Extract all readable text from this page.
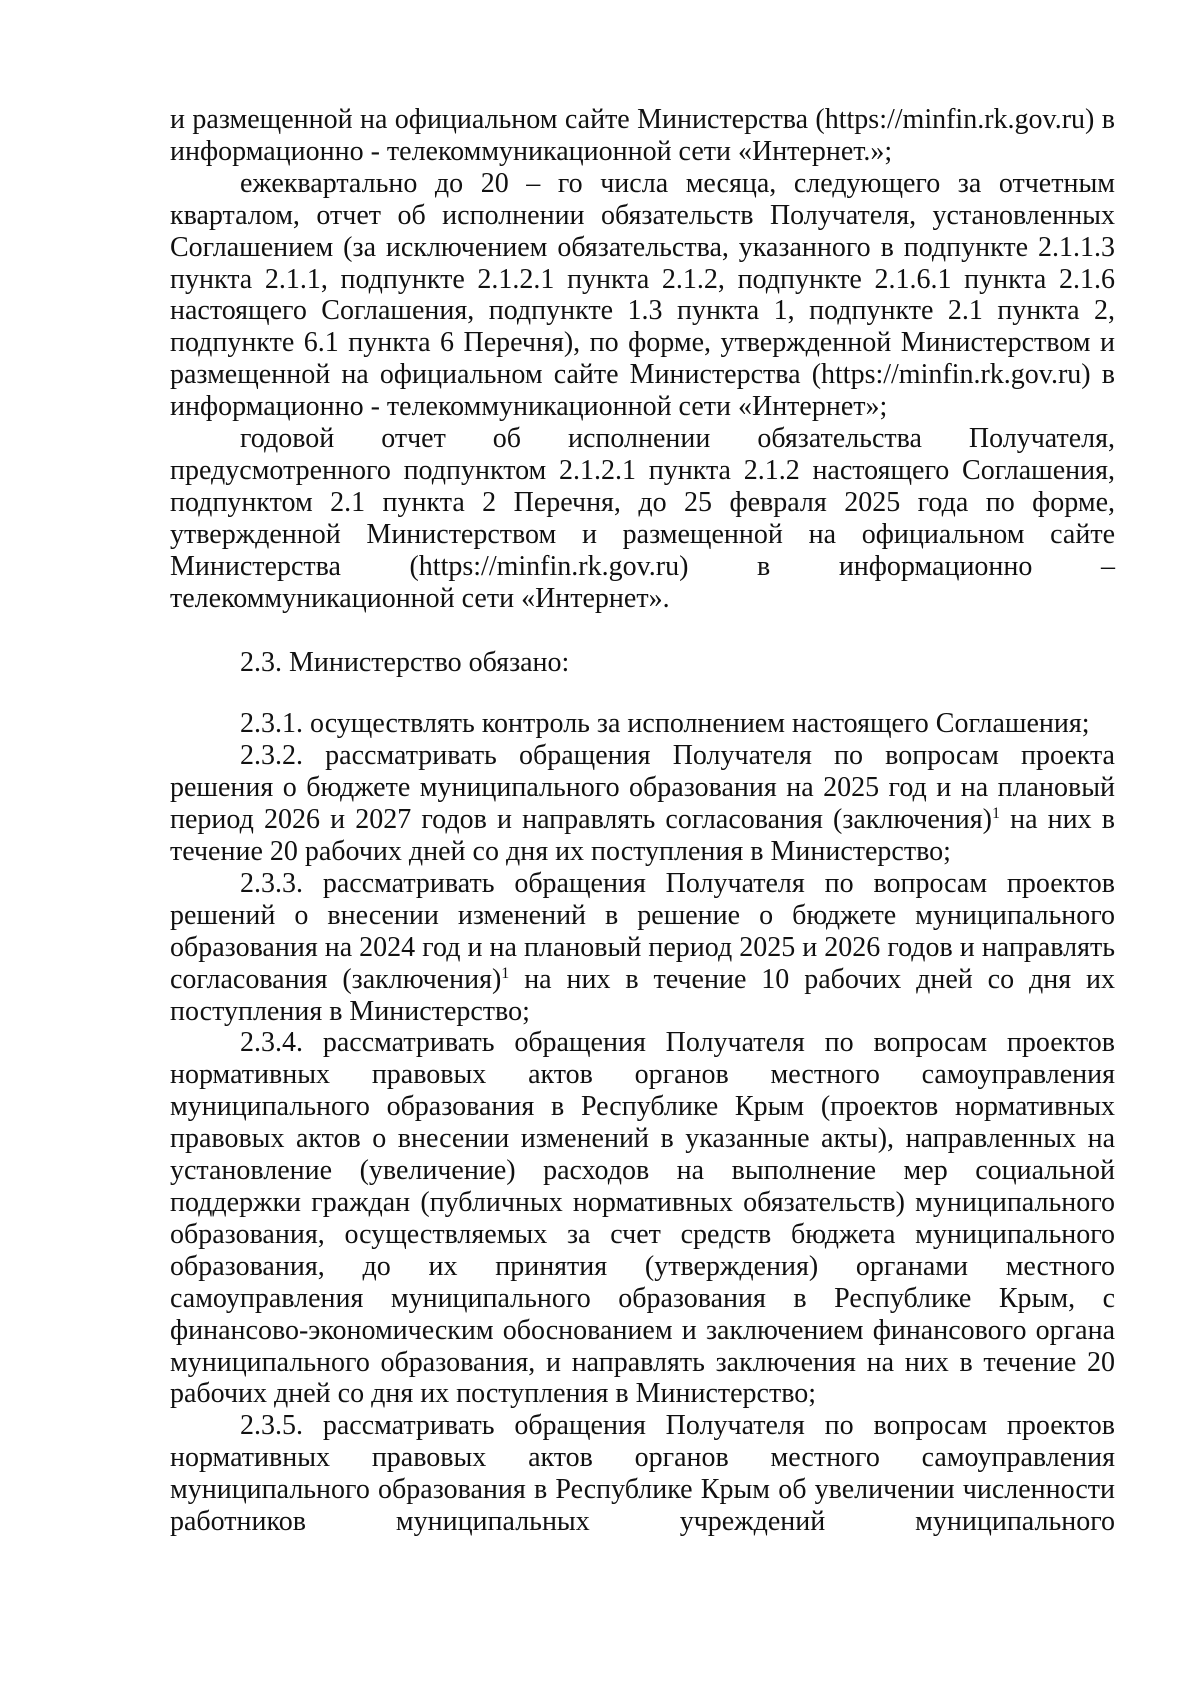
и размещенной на официальном сайте Министерства (https://minfin.rk.gov.ru) в информационно - телекоммуникационной сети «Интернет.»;

ежеквартально до 20 – го числа месяца, следующего за отчетным кварталом, отчет об исполнении обязательств Получателя, установленных Соглашением (за исключением обязательства, указанного в подпункте 2.1.1.3 пункта 2.1.1, подпункте 2.1.2.1 пункта 2.1.2, подпункте 2.1.6.1 пункта 2.1.6 настоящего Соглашения, подпункте 1.3 пункта 1, подпункте 2.1 пункта 2, подпункте 6.1 пункта 6 Перечня), по форме, утвержденной Министерством и размещенной на официальном сайте Министерства (https://minfin.rk.gov.ru) в информационно - телекоммуникационной сети «Интернет»;

годовой отчет об исполнении обязательства Получателя, предусмотренного подпунктом 2.1.2.1 пункта 2.1.2 настоящего Соглашения, подпунктом 2.1 пункта 2 Перечня, до 25 февраля 2025 года по форме, утвержденной Министерством и размещенной на официальном сайте Министерства (https://minfin.rk.gov.ru) в информационно – телекоммуникационной сети «Интернет».

2.3. Министерство обязано:

2.3.1. осуществлять контроль за исполнением настоящего Соглашения;

2.3.2. рассматривать обращения Получателя по вопросам проекта решения о бюджете муниципального образования на 2025 год и на плановый период 2026 и 2027 годов и направлять согласования (заключения)$^1$ на них в течение 20 рабочих дней со дня их поступления в Министерство;

2.3.3. рассматривать обращения Получателя по вопросам проектов решений о внесении изменений в решение о бюджете муниципального образования на 2024 год и на плановый период 2025 и 2026 годов и направлять согласования (заключения)$^1$ на них в течение 10 рабочих дней со дня их поступления в Министерство;

2.3.4. рассматривать обращения Получателя по вопросам проектов нормативных правовых актов органов местного самоуправления муниципального образования в Республике Крым (проектов нормативных правовых актов о внесении изменений в указанные акты), направленных на установление (увеличение) расходов на выполнение мер социальной поддержки граждан (публичных нормативных обязательств) муниципального образования, осуществляемых за счет средств бюджета муниципального образования, до их принятия (утверждения) органами местного самоуправления муниципального образования в Республике Крым, с финансово-экономическим обоснованием и заключением финансового органа муниципального образования, и направлять заключения на них в течение 20 рабочих дней со дня их поступления в Министерство;

2.3.5. рассматривать обращения Получателя по вопросам проектов нормативных правовых актов органов местного самоуправления муниципального образования в Республике Крым об увеличении численности работников муниципальных учреждений муниципального
